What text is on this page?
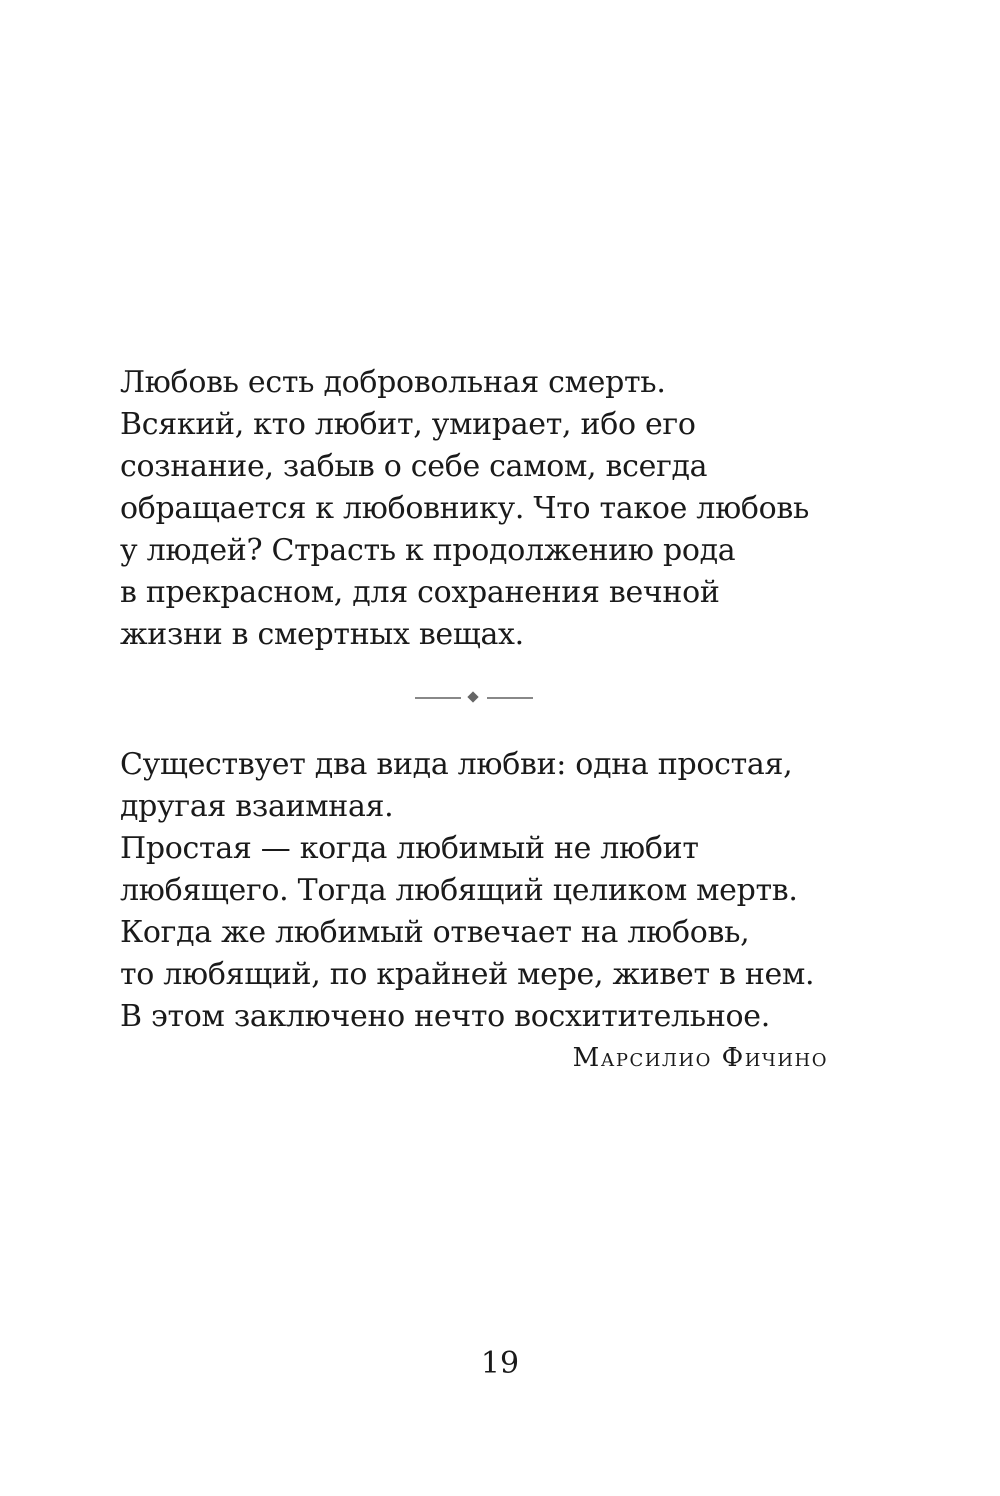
Любовь есть добровольная смерть.
Всякий, кто любит, умирает, ибо его
сознание, забыв о себе самом, всегда
обращается к любовнику. Что такое любовь
у людей? Страсть к продолжению рода
в прекрасном, для сохранения вечной
жизни в смертных вещах.

Существует два вида любви: одна простая,
другая взаимная.
Простая — когда любимый не любит
любящего. Тогда любящий целиком мертв.
Когда же любимый отвечает на любовь,
то любящий, по крайней мере, живет в нем.
В этом заключено нечто восхитительное.

Марсилио Фичино
19
